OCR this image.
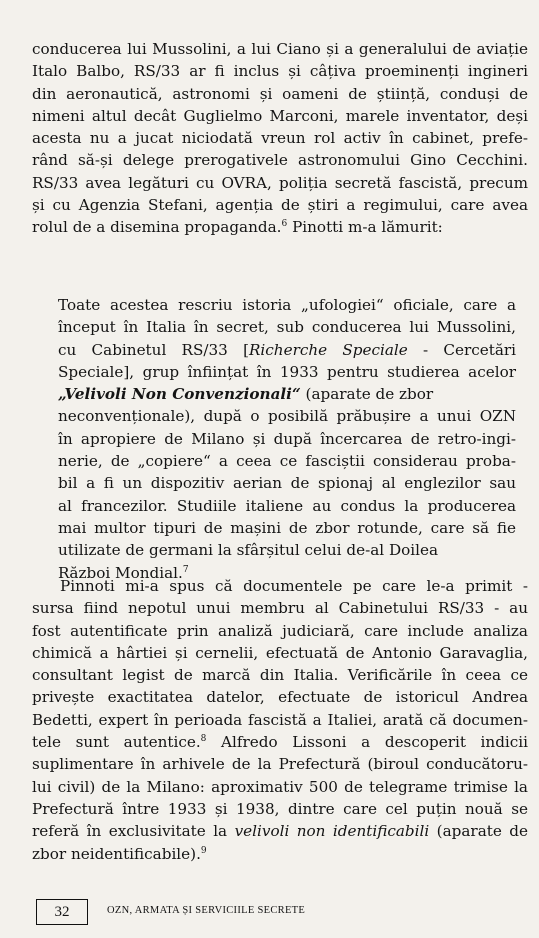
conducerea lui Mussolini, a lui Ciano și a generalului de aviație
Italo Balbo, RS/33 ar fi inclus și câțiva proeminenți ingineri
din aeronautică, astronomi și oameni de știință, conduși de
nimeni altul decât Guglielmo Marconi, marele inventator, deși
acesta nu a jucat niciodată vreun rol activ în cabinet, prefe-
rând să-și delege prerogativele astronomului Gino Cecchini.
RS/33 avea legături cu OVRA, poliția secretă fascistă, precum
și cu Agenzia Stefani, agenția de știri a regimului, care avea
rolul de a disemina propaganda.$^6$ Pinotti m-a lămurit:
Toate acestea rescriu istoria „ufologiei“ oficiale, care a
început în Italia în secret, sub conducerea lui Mussolini,
cu Cabinetul RS/33 [Richerche Speciale - Cercetări
Speciale], grup înființat în 1933 pentru studierea acelor
„Velivoli Non Convenzionali“ (aparate de zbor
neconvenționale), după o posibilă prăbușire a unui OZN
în apropiere de Milano și după încercarea de retro-ingi-
nerie, de „copiere“ a ceea ce fasciștii considerau proba-
bil a fi un dispozitiv aerian de spionaj al englezilor sau
al francezilor. Studiile italiene au condus la producerea
mai multor tipuri de mașini de zbor rotunde, care să fie
utilizate de germani la sfârșitul celui de-al Doilea
Război Mondial.$^7$
Pinnoti mi-a spus că documentele pe care le-a primit -
sursa fiind nepotul unui membru al Cabinetului RS/33 - au
fost autentificate prin analiză judiciară, care include analiza
chimică a hârtiei și cernelii, efectuată de Antonio Garavaglia,
consultant legist de marcă din Italia. Verificările în ceea ce
privește exactitatea datelor, efectuate de istoricul Andrea
Bedetti, expert în perioada fascistă a Italiei, arată că documen-
tele sunt autentice.$^8$ Alfredo Lissoni a descoperit indicii
suplimentare în arhivele de la Prefectură (biroul conducătoru-
lui civil) de la Milano: aproximativ 500 de telegrame trimise la
Prefectură între 1933 și 1938, dintre care cel puțin nouă se
referă în exclusivitate la velivoli non identificabili (aparate de
zbor neidentificabile).$^9$
32	OZN, ARMATA ȘI SERVICIILE SECRETE
